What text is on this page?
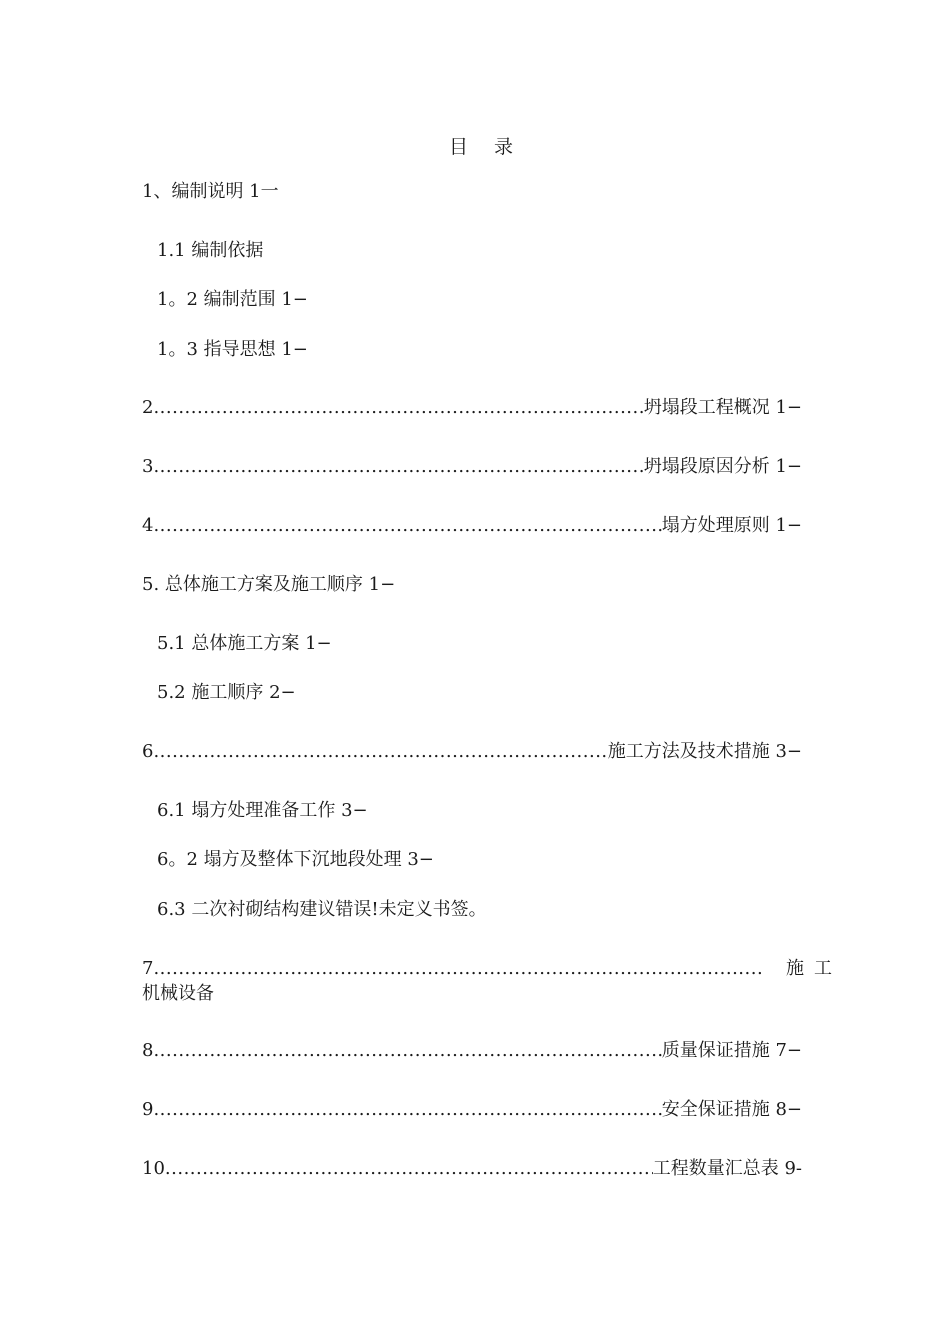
目 录
1、编制说明 1一
1.1 编制依据
1。2 编制范围 1−
1。3 指导思想 1−
2 .....	坍塌段工程概况 1−
3 .....	坍塌段原因分析 1−
4 .....	塌方处理原则 1−
5. 总体施工方案及施工顺序 1−
5.1 总体施工方案 1−
5.2 施工顺序 2−
6 .....	施工方法及技术措施 3−
6.1 塌方处理准备工作 3−
6。2 塌方及整体下沉地段处理 3−
6.3 二次衬砌结构建议错误!未定义书签。
7 .....	施工
机械设备
8 .....	质量保证措施 7−
9 .....	安全保证措施 8−
10 .....	工程数量汇总表 9-
